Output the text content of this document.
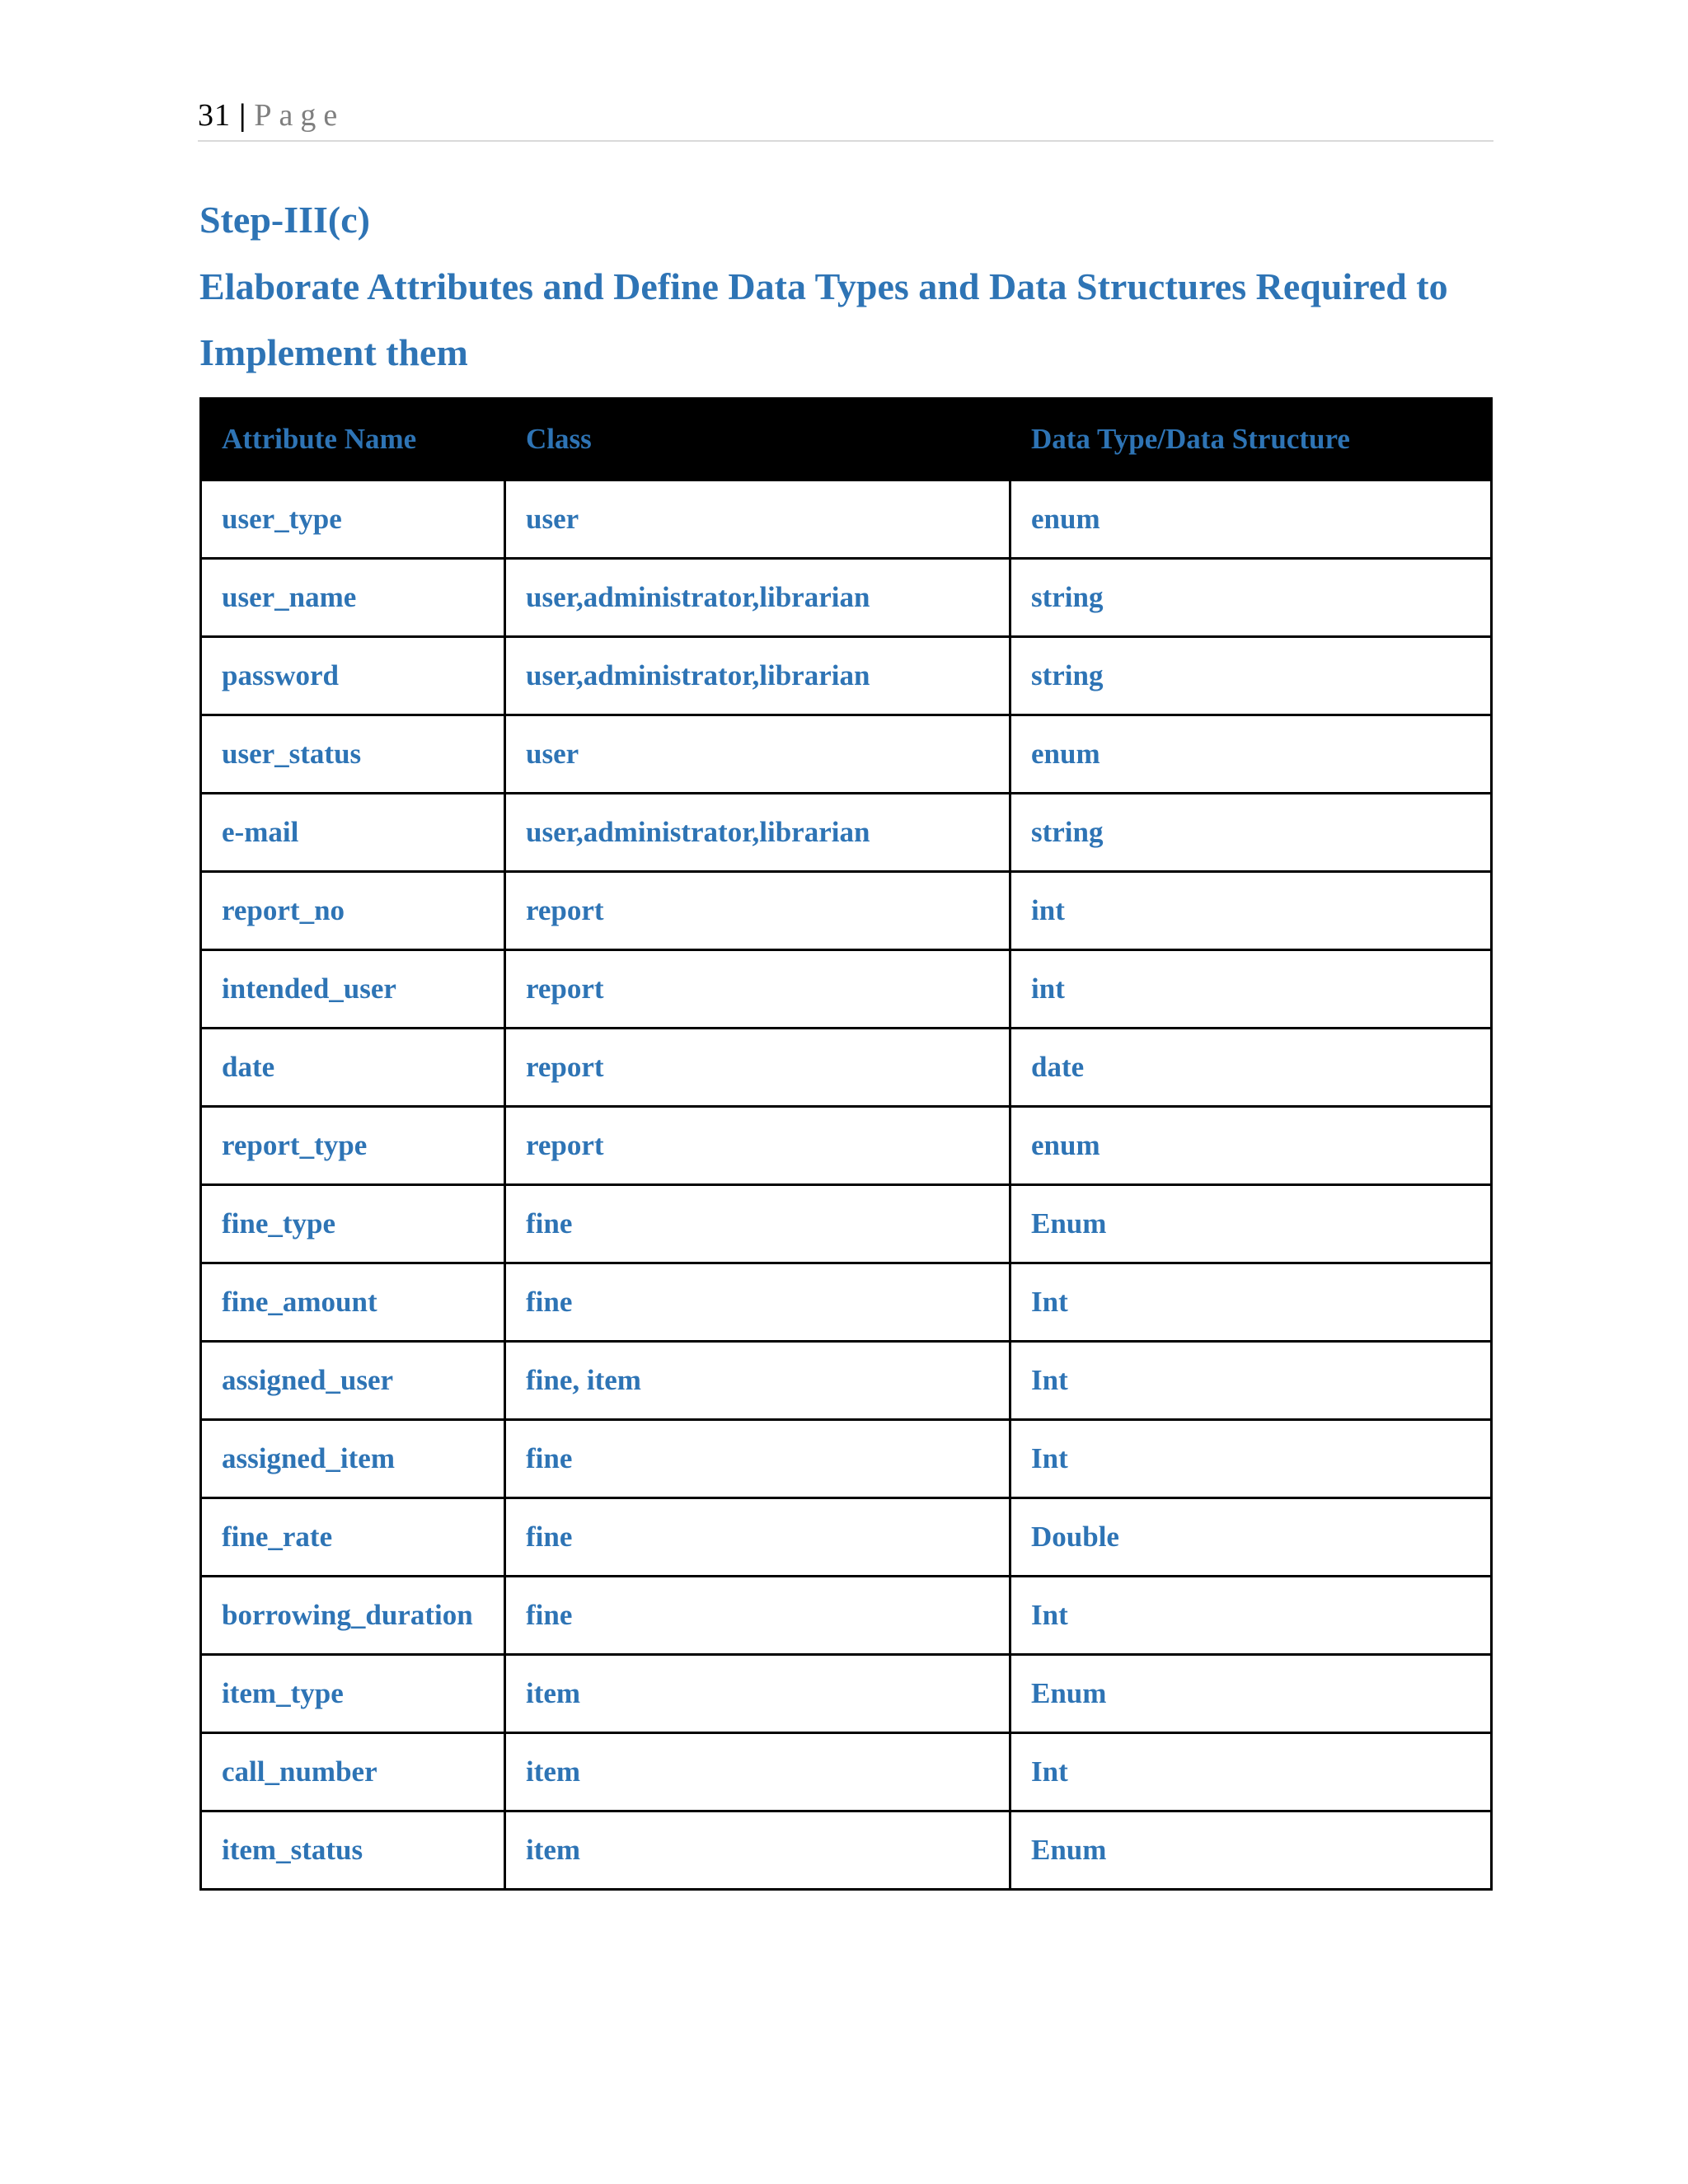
31 | Page
Step-III(c)
Elaborate Attributes and Define Data Types and Data Structures Required to
Implement them
Attribute Name	Class	Data Type/Data Structure
user_type	user	enum
user_name	user,administrator,librarian	string
password	user,administrator,librarian	string
user_status	user	enum
e-mail	user,administrator,librarian	string
report_no	report	int
intended_user	report	int
date	report	date
report_type	report	enum
fine_type	fine	Enum
fine_amount	fine	Int
assigned_user	fine, item	Int
assigned_item	fine	Int
fine_rate	fine	Double
borrowing_duration	fine	Int
item_type	item	Enum
call_number	item	Int
item_status	item	Enum
